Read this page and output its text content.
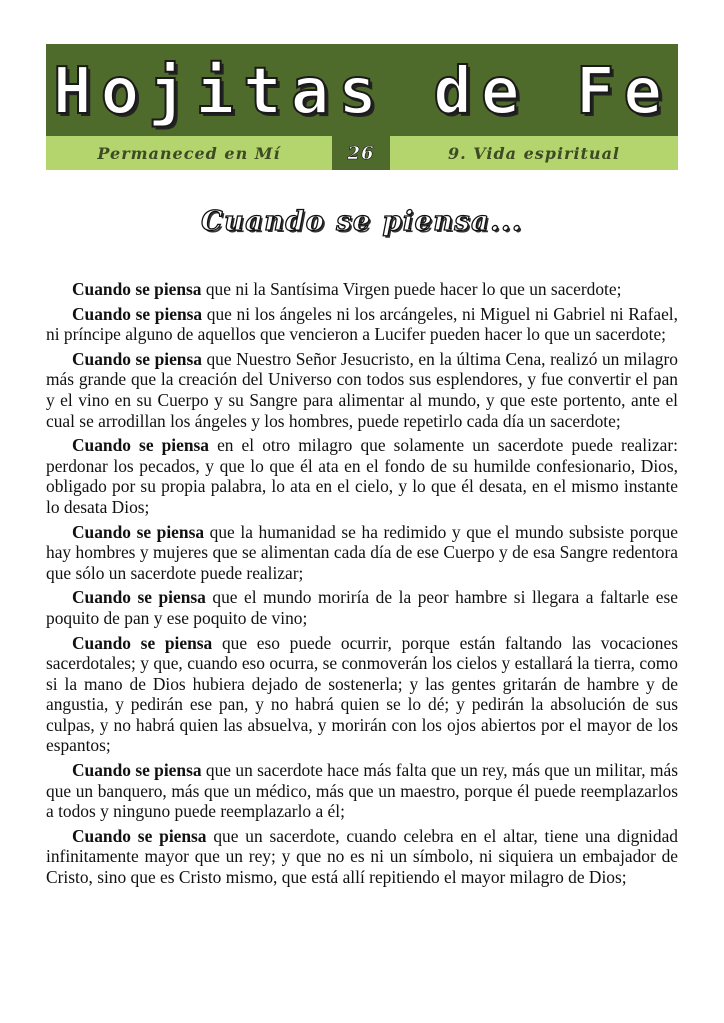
Hojitas de Fe
Permaneced en Mí	26	9. Vida espiritual
Cuando se piensa...

Cuando se piensa que ni la Santísima Virgen puede hacer lo que un sacerdote;

Cuando se piensa que ni los ángeles ni los arcángeles, ni Miguel ni Gabriel ni Rafael, ni príncipe alguno de aquellos que vencieron a Lucifer pueden hacer lo que un sacerdote;

Cuando se piensa que Nuestro Señor Jesucristo, en la última Cena, realizó un milagro más grande que la creación del Universo con todos sus esplendores, y fue convertir el pan y el vino en su Cuerpo y su Sangre para alimentar al mundo, y que este portento, ante el cual se arrodillan los ángeles y los hombres, puede repetirlo cada día un sacerdote;

Cuando se piensa en el otro milagro que solamente un sacerdote puede realizar: perdonar los pecados, y que lo que él ata en el fondo de su humilde confesionario, Dios, obligado por su propia palabra, lo ata en el cielo, y lo que él desata, en el mismo instante lo desata Dios;

Cuando se piensa que la humanidad se ha redimido y que el mundo subsiste porque hay hombres y mujeres que se alimentan cada día de ese Cuerpo y de esa Sangre redentora que sólo un sacerdote puede realizar;

Cuando se piensa que el mundo moriría de la peor hambre si llegara a faltarle ese poquito de pan y ese poquito de vino;

Cuando se piensa que eso puede ocurrir, porque están faltando las vocaciones sacerdotales; y que, cuando eso ocurra, se conmoverán los cielos y estallará la tierra, como si la mano de Dios hubiera dejado de sostenerla; y las gentes gritarán de hambre y de angustia, y pedirán ese pan, y no habrá quien se lo dé; y pedirán la absolución de sus culpas, y no habrá quien las absuelva, y morirán con los ojos abiertos por el mayor de los espantos;

Cuando se piensa que un sacerdote hace más falta que un rey, más que un militar, más que un banquero, más que un médico, más que un maestro, porque él puede reemplazarlos a todos y ninguno puede reemplazarlo a él;

Cuando se piensa que un sacerdote, cuando celebra en el altar, tiene una dignidad infinitamente mayor que un rey; y que no es ni un símbolo, ni siquiera un embajador de Cristo, sino que es Cristo mismo, que está allí repitiendo el mayor milagro de Dios;
